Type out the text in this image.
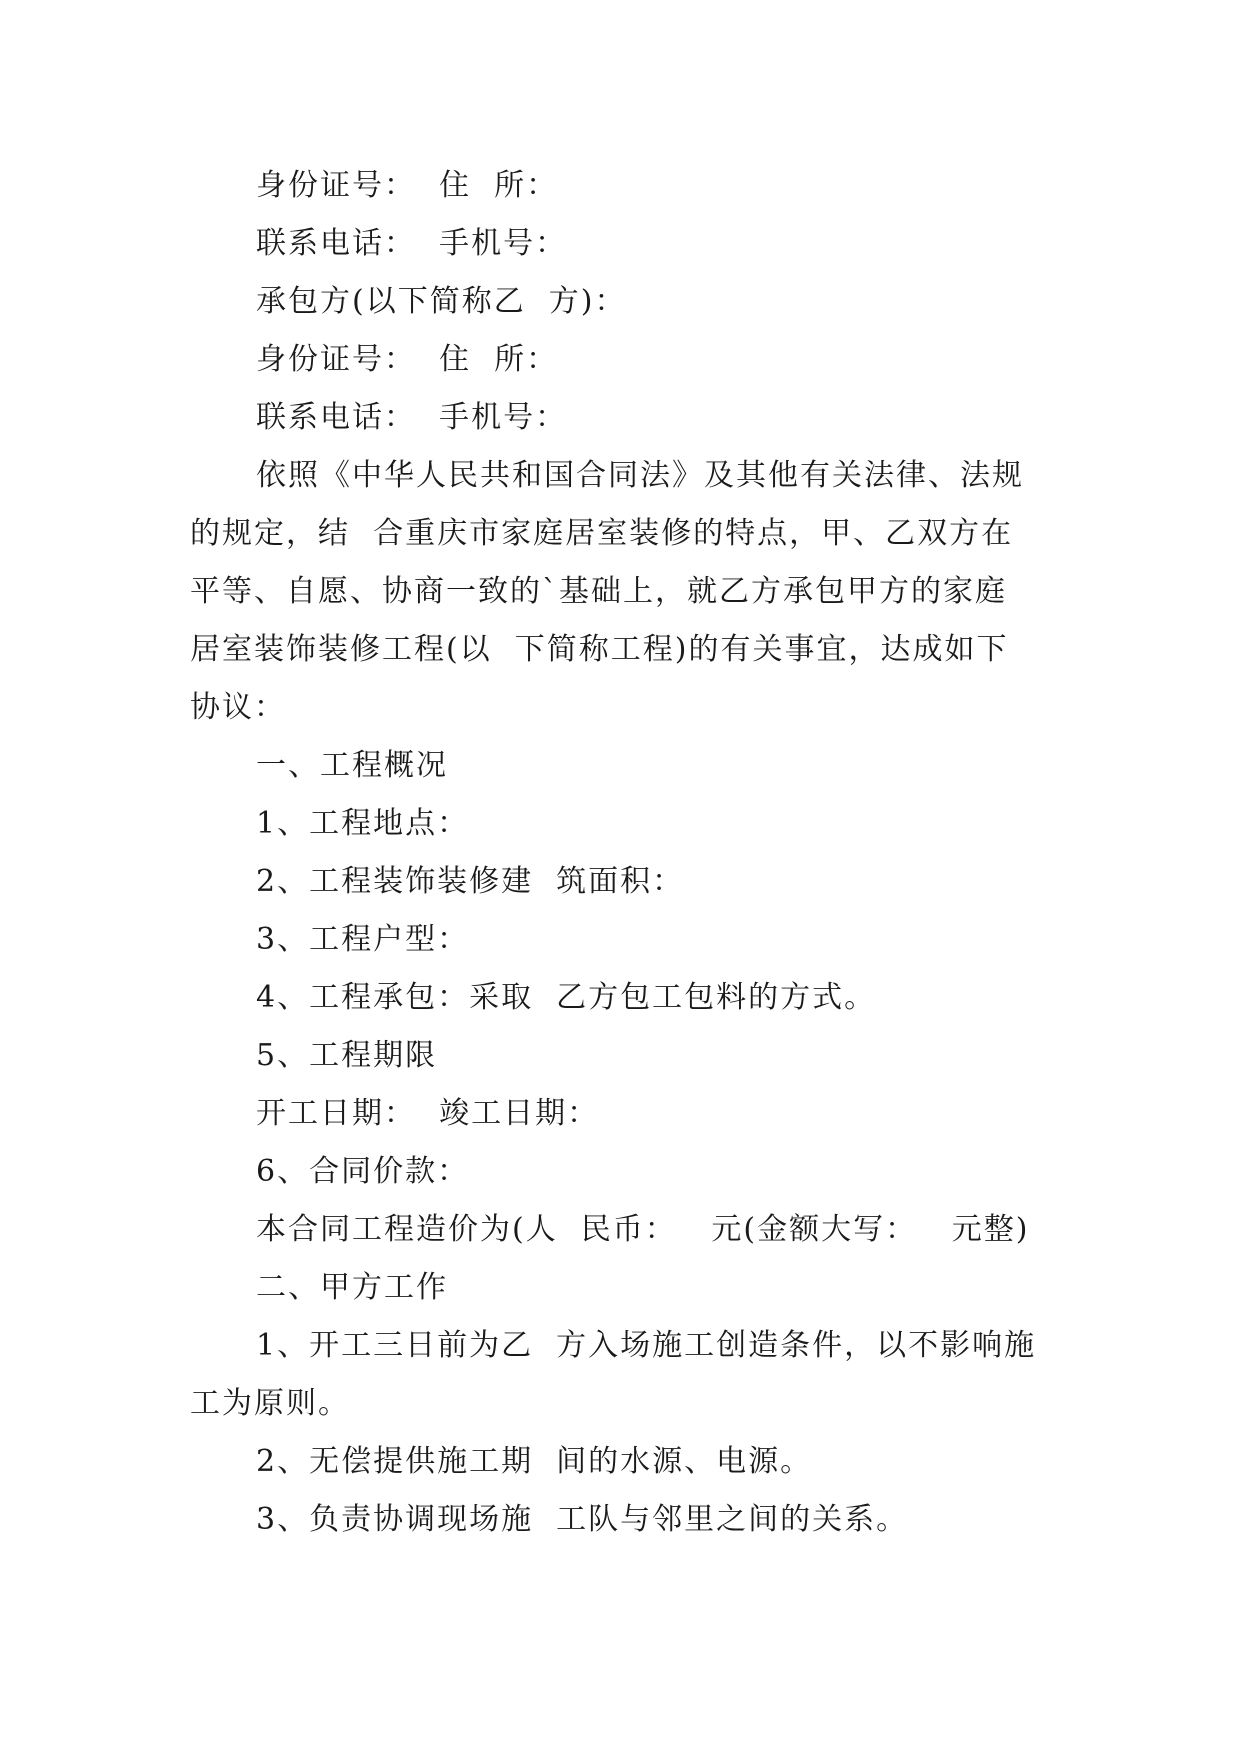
身份证号：  住  所：
联系电话：  手机号：
承包方(以下简称乙  方)：
身份证号：  住  所：
联系电话：  手机号：
依照《中华人民共和国合同法》及其他有关法律、法规
的规定，结  合重庆市家庭居室装修的特点，甲、乙双方在
平等、自愿、协商一致的`基础上，就乙方承包甲方的家庭
居室装饰装修工程(以  下简称工程)的有关事宜，达成如下
协议：
一、工程概况
1、工程地点：
2、工程装饰装修建  筑面积：
3、工程户型：
4、工程承包：采取  乙方包工包料的方式。
5、工程期限
开工日期：  竣工日期：
6、合同价款：
本合同工程造价为(人  民币：   元(金额大写：   元整)
二、甲方工作
1、开工三日前为乙  方入场施工创造条件，以不影响施
工为原则。
2、无偿提供施工期  间的水源、电源。
3、负责协调现场施  工队与邻里之间的关系。
